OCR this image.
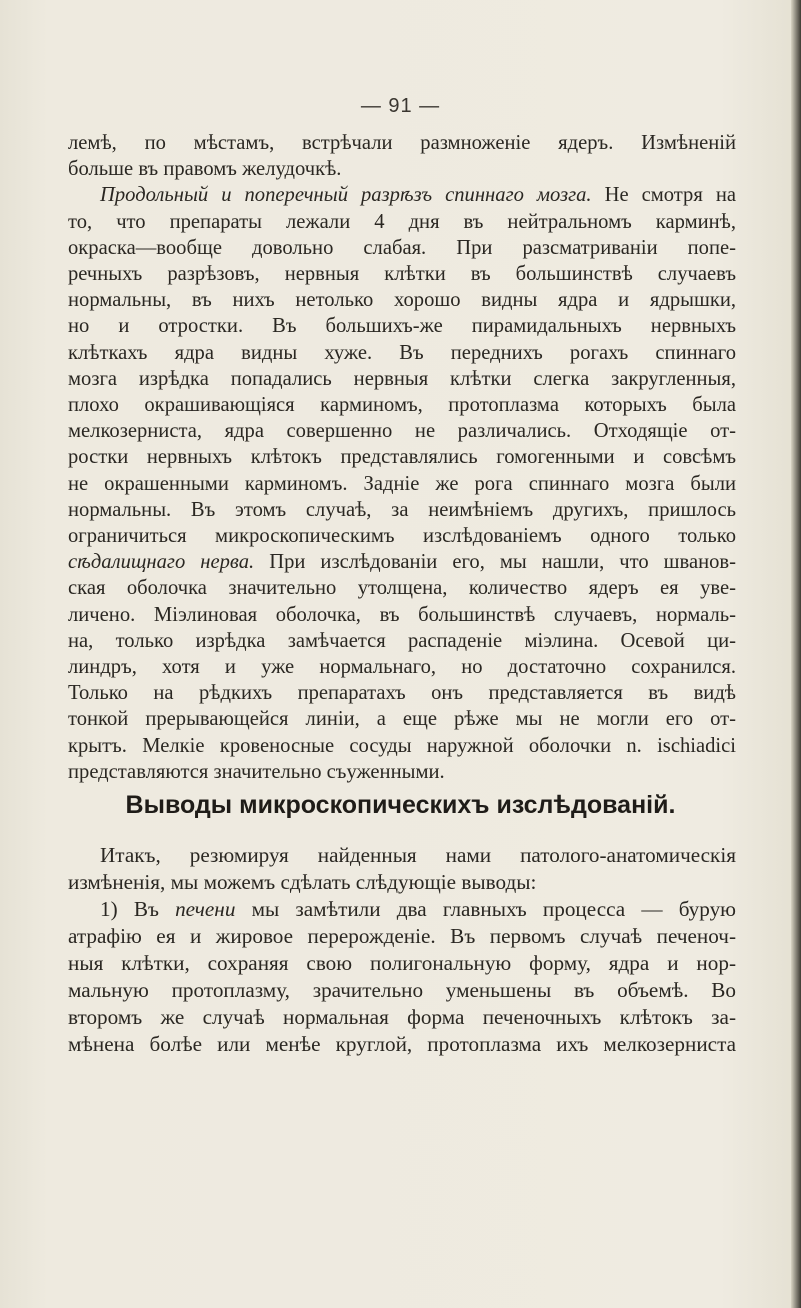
— 91 —
лемѣ, по мѣстамъ, встрѣчали размноженіе ядеръ. Измѣненій
больше въ правомъ желудочкѣ.
Продольный и поперечный разрѣзъ спиннаго мозга. Не смотря на
то, что препараты лежали 4 дня въ нейтральномъ карминѣ,
окраска—вообще довольно слабая. При разсматриваніи попе-
речныхъ разрѣзовъ, нервныя клѣтки въ большинствѣ случаевъ
нормальны, въ нихъ нетолько хорошо видны ядра и ядрышки,
но и отростки. Въ большихъ-же пирамидальныхъ нервныхъ
клѣткахъ ядра видны хуже. Въ переднихъ рогахъ спиннаго
мозга изрѣдка попадались нервныя клѣтки слегка закругленныя,
плохо окрашивающіяся карминомъ, протоплазма которыхъ была
мелкозерниста, ядра совершенно не различались. Отходящіе от-
ростки нервныхъ клѣтокъ представлялись гомогенными и совсѣмъ
не окрашенными карминомъ. Задніе же рога спиннаго мозга были
нормальны. Въ этомъ случаѣ, за неимѣніемъ другихъ, пришлось
ограничиться микроскопическимъ изслѣдованіемъ одного только
сѣдалищнаго нерва. При изслѣдованіи его, мы нашли, что шванов-
ская оболочка значительно утолщена, количество ядеръ ея уве-
личено. Міэлиновая оболочка, въ большинствѣ случаевъ, нормаль-
на, только изрѣдка замѣчается распаденіе міэлина. Осевой ци-
линдръ, хотя и уже нормальнаго, но достаточно сохранился.
Только на рѣдкихъ препаратахъ онъ представляется въ видѣ
тонкой прерывающейся линіи, а еще рѣже мы не могли его от-
крытъ. Мелкіе кровеносные сосуды наружной оболочки n. ischiadici
представляются значительно съуженными.
Выводы микроскопическихъ изслѣдованій.
Итакъ, резюмируя найденныя нами патолого-анатомическія
измѣненія, мы можемъ сдѣлать слѣдующіе выводы:
1) Въ печени мы замѣтили два главныхъ процесса — бурую
атрафію ея и жировое перерожденіе. Въ первомъ случаѣ печеноч-
ныя клѣтки, сохраняя свою полигональную форму, ядра и нор-
мальную протоплазму, зрачительно уменьшены въ объемѣ. Во
второмъ же случаѣ нормальная форма печеночныхъ клѣтокъ за-
мѣнена болѣе или менѣе круглой, протоплазма ихъ мелкозерниста
